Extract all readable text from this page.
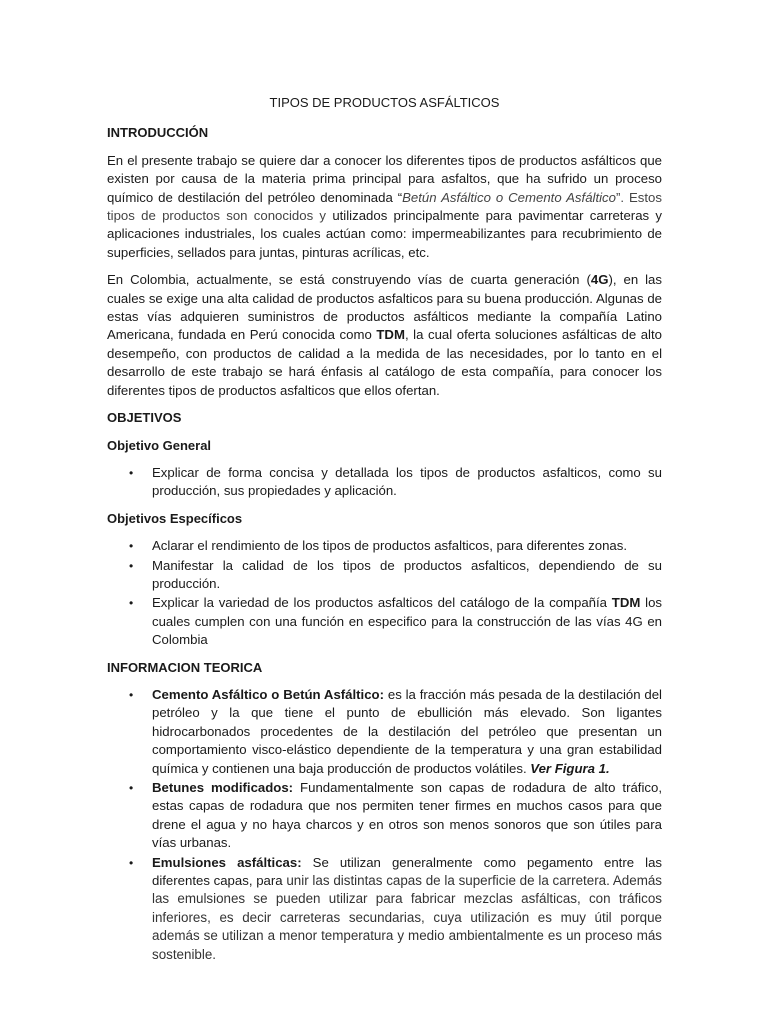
TIPOS DE PRODUCTOS ASFÁLTICOS
INTRODUCCIÓN

En el presente trabajo se quiere dar a conocer los diferentes tipos de productos asfálticos que existen por causa de la materia prima principal para asfaltos, que ha sufrido un proceso químico de destilación del petróleo denominada “Betún Asfáltico o Cemento Asfáltico”. Estos tipos de productos son conocidos y utilizados principalmente para pavimentar carreteras y aplicaciones industriales, los cuales actúan como: impermeabilizantes para recubrimiento de superficies, sellados para juntas, pinturas acrílicas, etc.

En Colombia, actualmente, se está construyendo vías de cuarta generación (4G), en las cuales se exige una alta calidad de productos asfalticos para su buena producción. Algunas de estas vías adquieren suministros de productos asfálticos mediante la compañía Latino Americana, fundada en Perú conocida como TDM, la cual oferta soluciones asfálticas de alto desempeño, con productos de calidad a la medida de las necesidades, por lo tanto en el desarrollo de este trabajo se hará énfasis al catálogo de esta compañía, para conocer los diferentes tipos de productos asfalticos que ellos ofertan.

OBJETIVOS
Objetivo General
• Explicar de forma concisa y detallada los tipos de productos asfalticos, como su producción, sus propiedades y aplicación.
Objetivos Específicos
• Aclarar el rendimiento de los tipos de productos asfalticos, para diferentes zonas.
• Manifestar la calidad de los tipos de productos asfalticos, dependiendo de su producción.
• Explicar la variedad de los productos asfalticos del catálogo de la compañía TDM los cuales cumplen con una función en especifico para la construcción de las vías 4G en Colombia
INFORMACION TEORICA
• Cemento Asfáltico o Betún Asfáltico: es la fracción más pesada de la destilación del petróleo y la que tiene el punto de ebullición más elevado. Son ligantes hidrocarbonados procedentes de la destilación del petróleo que presentan un comportamiento visco-elástico dependiente de la temperatura y una gran estabilidad química y contienen una baja producción de productos volátiles. Ver Figura 1.
• Betunes modificados: Fundamentalmente son capas de rodadura de alto tráfico, estas capas de rodadura que nos permiten tener firmes en muchos casos para que drene el agua y no haya charcos y en otros son menos sonoros que son útiles para vías urbanas.
• Emulsiones asfálticas: Se utilizan generalmente como pegamento entre las diferentes capas, para unir las distintas capas de la superficie de la carretera. Además las emulsiones se pueden utilizar para fabricar mezclas asfálticas, con tráficos inferiores, es decir carreteras secundarias, cuya utilización es muy útil porque además se utilizan a menor temperatura y medio ambientalmente es un proceso más sostenible.
